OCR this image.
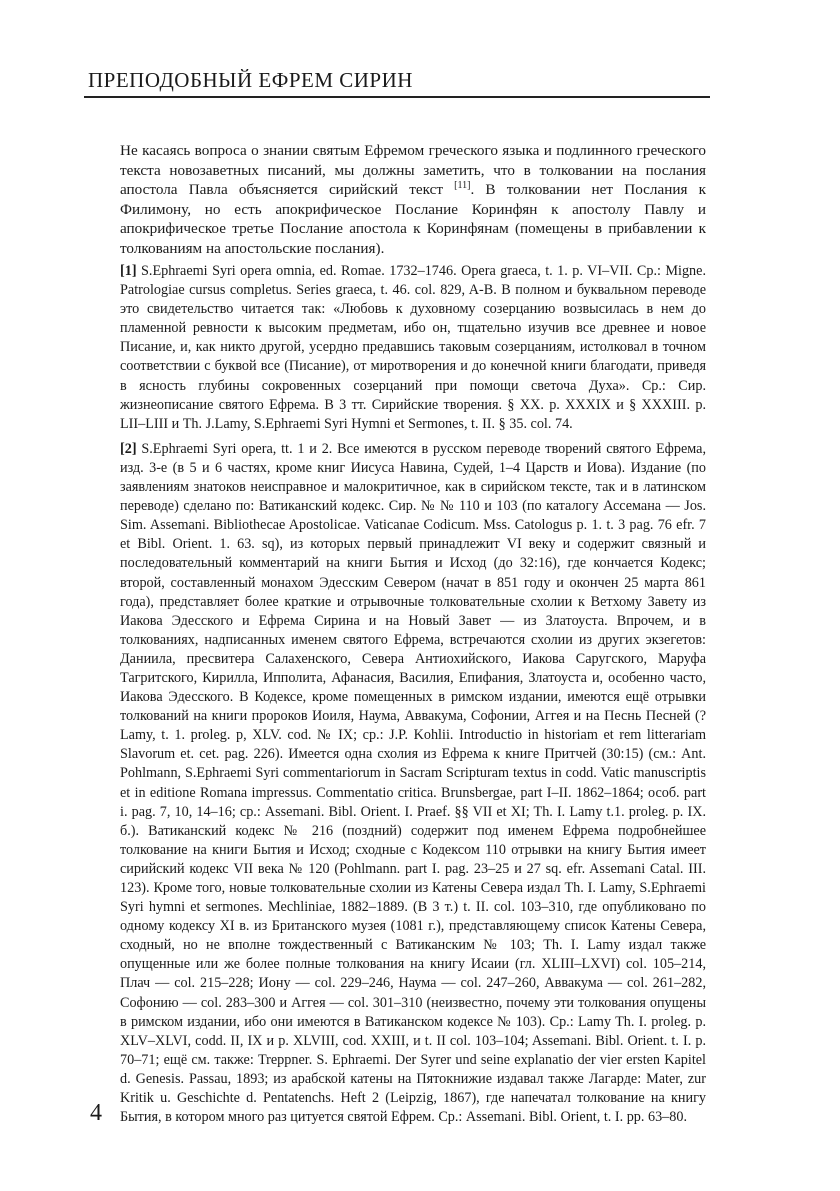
ПРЕПОДОБНЫЙ ЕФРЕМ СИРИН

Не касаясь вопроса о знании святым Ефремом греческого языка и подлинного греческого текста новозаветных писаний, мы должны заметить, что в толковании на послания апостола Павла объясняется сирийский текст [11]. В толковании нет Послания к Филимону, но есть апокрифическое Послание Коринфян к апостолу Павлу и апокрифическое третье Послание апостола к Коринфянам (помещены в прибавлении к толкованиям на апостольские послания).

[1] S.Ephraemi Syri opera omnia, ed. Romae. 1732–1746. Opera graeca, t. 1. p. VI–VII. Ср.: Migne. Patrologiae cursus completus. Series graeca, t. 46. col. 829, A-B. В полном и буквальном переводе это свидетельство читается так: «Любовь к духовному созерцанию возвысилась в нем до пламенной ревности к высоким предметам, ибо он, тщательно изучив все древнее и новое Писание, и, как никто другой, усердно предавшись таковым созерцаниям, истолковал в точном соответствии с буквой все (Писание), от миротворения и до конечной книги благодати, приведя в ясность глубины сокровенных созерцаний при помощи светоча Духа». Ср.: Сир. жизнеописание святого Ефрема. В 3 тт. Сирийские творения. § XX. p. XXXIX и § XXXIII. p. LII–LIII и Th. J.Lamy, S.Ephraemi Syri Hymni et Sermones, t. II. § 35. col. 74.

[2] S.Ephraemi Syri opera, tt. 1 и 2. Все имеются в русском переводе творений святого Ефрема, изд. 3-е (в 5 и 6 частях, кроме книг Иисуса Навина, Судей, 1–4 Царств и Иова). Издание (по заявлениям знатоков неисправное и малокритичное, как в сирийском тексте, так и в латинском переводе) сделано по: Ватиканский кодекс. Сир. № № 110 и 103 (по каталогу Ассемана — Jos. Sim. Assemani. Bibliothecae Apostolicae. Vaticanae Codicum. Mss. Catologus p. 1. t. 3 pag. 76 efr. 7 et Bibl. Orient. 1. 63. sq), из которых первый принадлежит VI веку и содержит связный и последовательный комментарий на книги Бытия и Исход (до 32:16), где кончается Кодекс; второй, составленный монахом Эдесским Севером (начат в 851 году и окончен 25 марта 861 года), представляет более краткие и отрывочные толковательные схолии к Ветхому Завету из Иакова Эдесского и Ефрема Сирина и на Новый Завет — из Златоуста. Впрочем, и в толкованиях, надписанных именем святого Ефрема, встречаются схолии из других экзегетов: Даниила, пресвитера Салахенского, Севера Антиохийского, Иакова Саругского, Маруфа Тагритского, Кирилла, Ипполита, Афанасия, Василия, Епифания, Златоуста и, особенно часто, Иакова Эдесского. В Кодексе, кроме помещенных в римском издании, имеются ещё отрывки толкований на книги пророков Иоиля, Наума, Аввакума, Софонии, Аггея и на Песнь Песней (? Lamy, t. 1. proleg. p, XLV. cod. № IX; ср.: J.P. Kohlii. Introductio in historiam et rem litterariam Slavorum et. cet. pag. 226). Имеется одна схолия из Ефрема к книге Притчей (30:15) (см.: Ant. Pohlmann, S.Ephraemi Syri commentariorum in Sacram Scripturam textus in codd. Vatic manuscriptis et in editione Romana impressus. Commentatio critica. Brunsbergae, part I–II. 1862–1864; особ. part i. pag. 7, 10, 14–16; ср.: Assemani. Bibl. Orient. I. Praef. §§ VII et XI; Th. I. Lamy t.1. proleg. p. IX. б.). Ватиканский кодекс № 216 (поздний) содержит под именем Ефрема подробнейшее толкование на книги Бытия и Исход; сходные с Кодексом 110 отрывки на книгу Бытия имеет сирийский кодекс VII века № 120 (Pohlmann. part I. pag. 23–25 и 27 sq. efr. Assemani Catal. III. 123). Кроме того, новые толковательные схолии из Катены Севера издал Th. I. Lamy, S.Ephraemi Syri hymni et sermones. Mechliniae, 1882–1889. (В 3 т.) t. II. col. 103–310, где опубликовано по одному кодексу XI в. из Британского музея (1081 г.), представляющему список Катены Севера, сходный, но не вполне тождественный с Ватиканским № 103; Th. I. Lamy издал также опущенные или же более полные толкования на книгу Исаии (гл. XLIII–LXVI) col. 105–214, Плач — col. 215–228; Иону — col. 229–246, Наума — col. 247–260, Аввакума — col. 261–282, Софонию — col. 283–300 и Аггея — col. 301–310 (неизвестно, почему эти толкования опущены в римском издании, ибо они имеются в Ватиканском кодексе № 103). Ср.: Lamy Th. I. proleg. p. XLV–XLVI, codd. II, IX и p. XLVIII, cod. XXIII, и t. II col. 103–104; Assemani. Bibl. Orient. t. I. p. 70–71; ещё см. также: Treppner. S. Ephraemi. Der Syrer und seine explanatio der vier ersten Kapitel d. Genesis. Passau, 1893; из арабской катены на Пятокнижие издавал также Лагарде: Mater, zur Kritik u. Geschichte d. Pentatenchs. Heft 2 (Leipzig, 1867), где напечатал толкование на книгу Бытия, в котором много раз цитуется святой Ефрем. Ср.: Assemani. Bibl. Orient, t. I. pp. 63–80.

4
